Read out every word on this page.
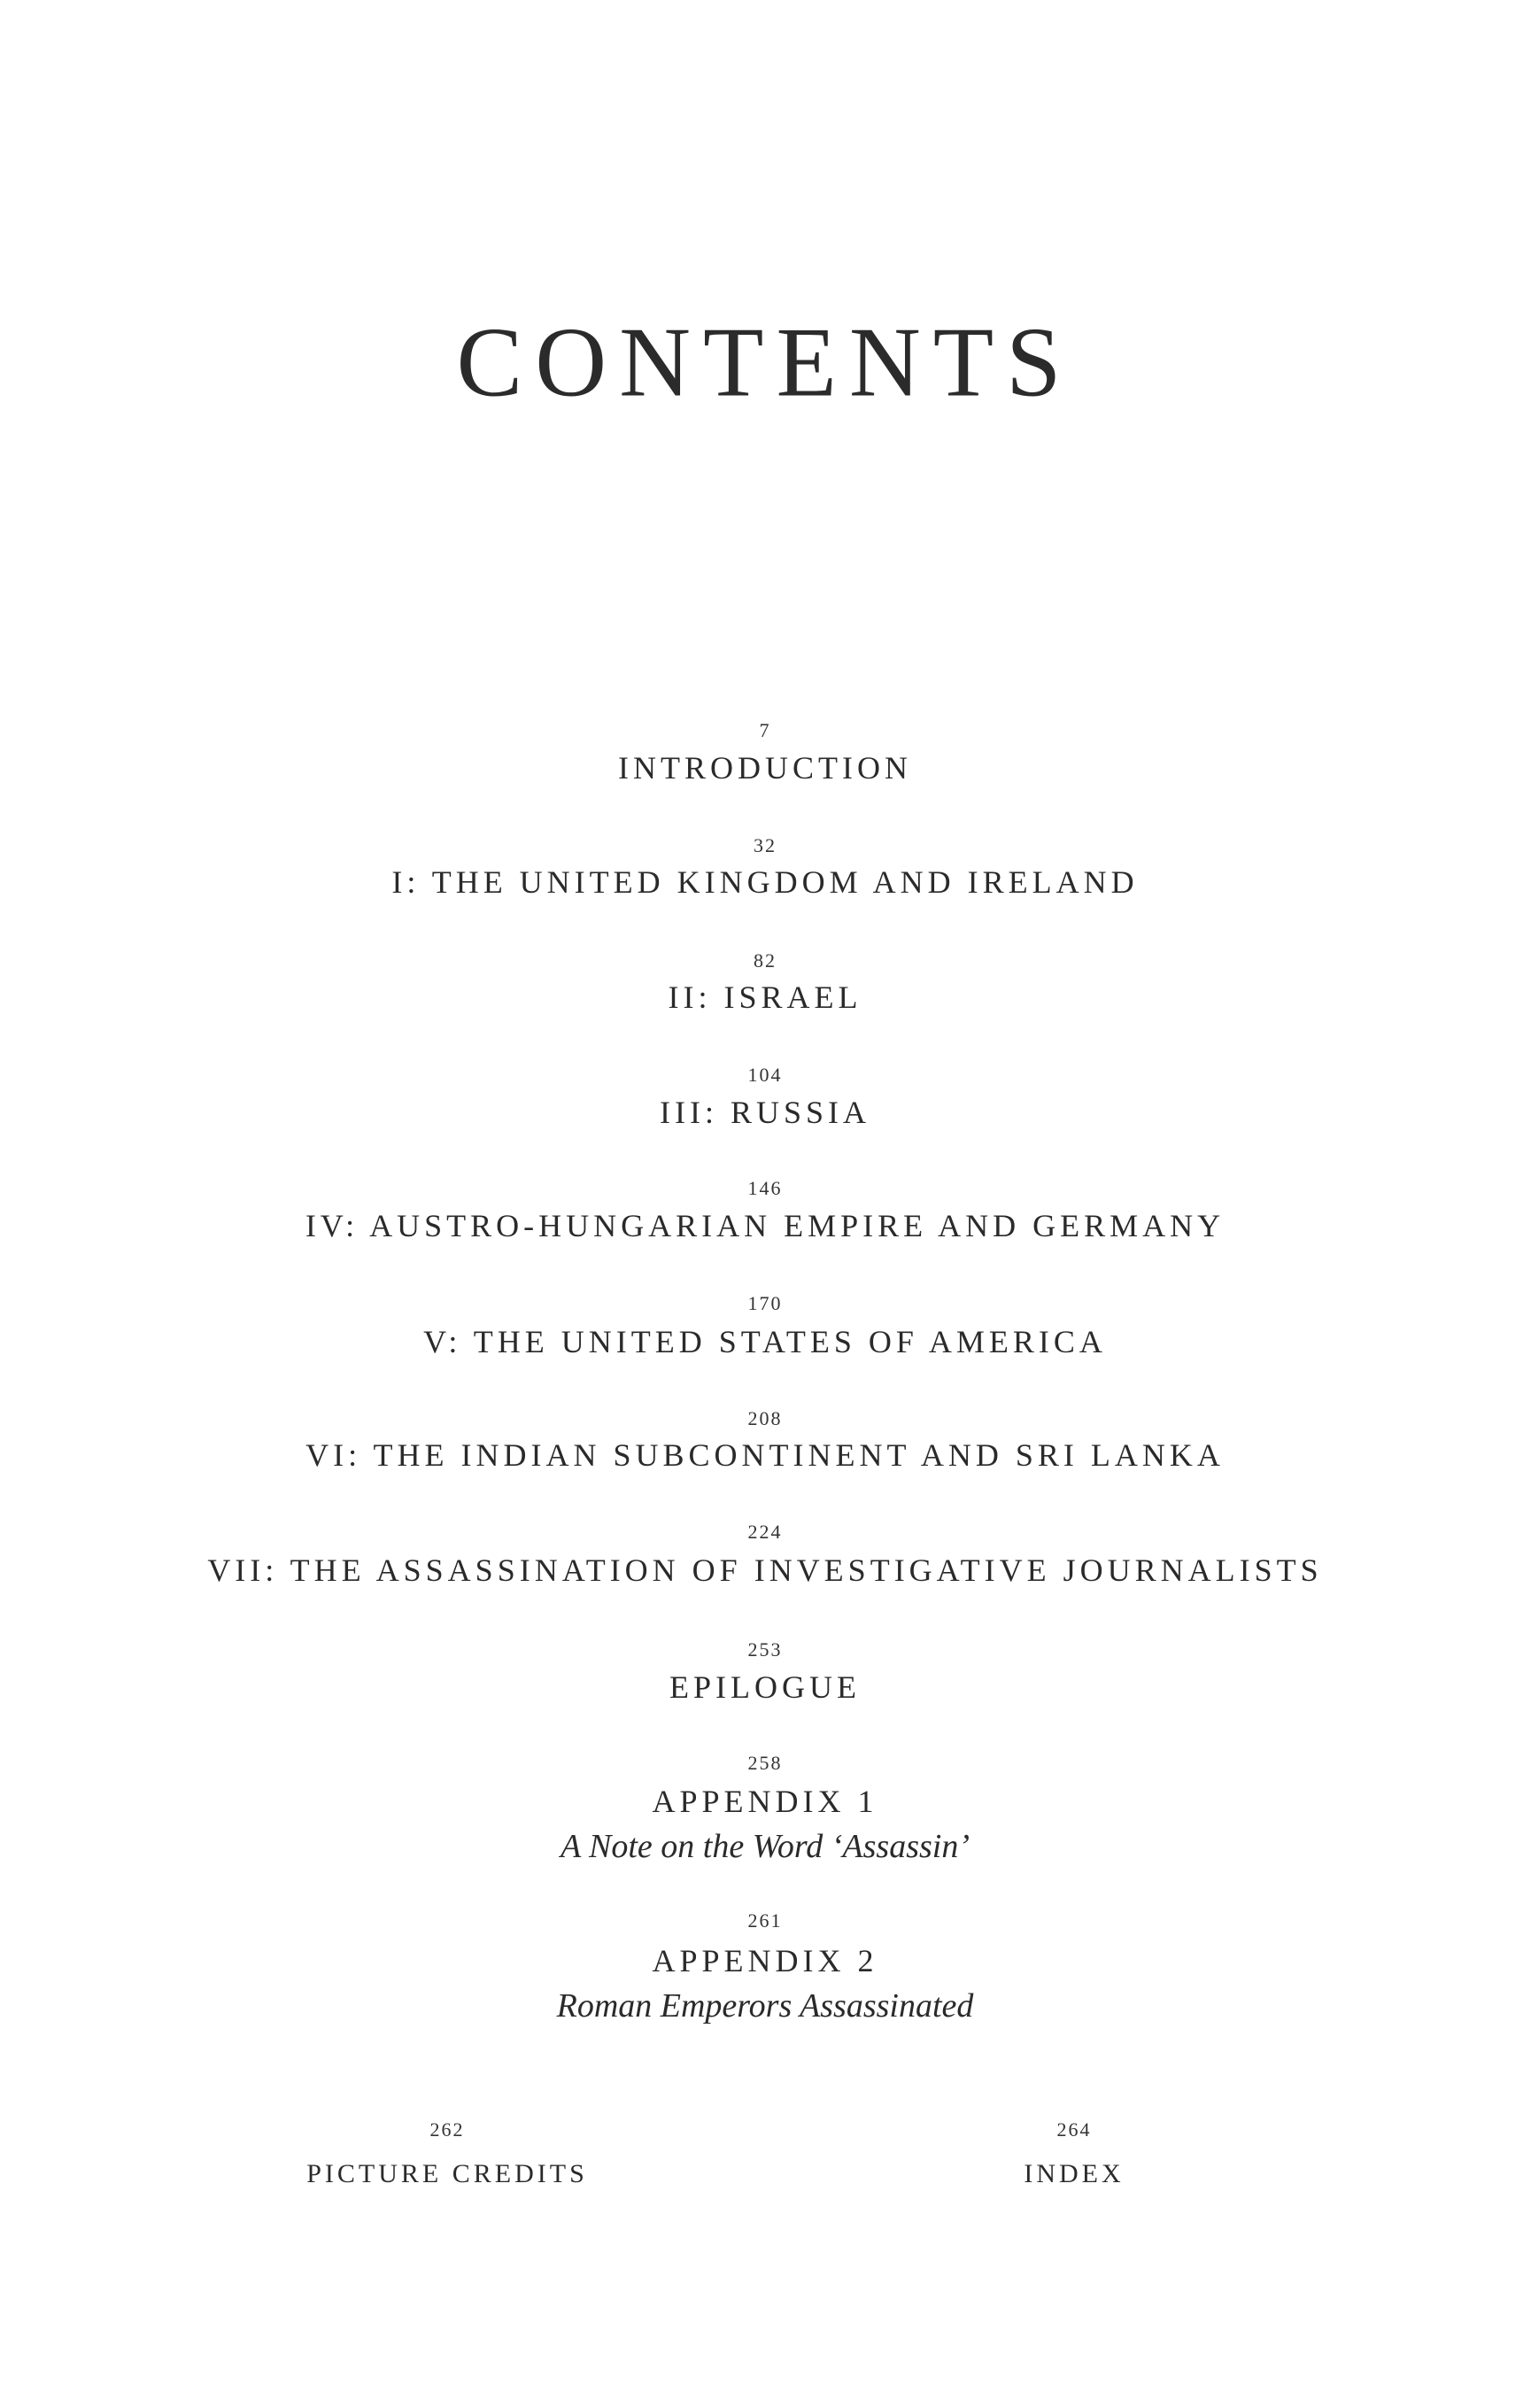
CONTENTS
7
INTRODUCTION
32
I: THE UNITED KINGDOM AND IRELAND
82
II: ISRAEL
104
III: RUSSIA
146
IV: AUSTRO-HUNGARIAN EMPIRE AND GERMANY
170
V: THE UNITED STATES OF AMERICA
208
VI: THE INDIAN SUBCONTINENT AND SRI LANKA
224
VII: THE ASSASSINATION OF INVESTIGATIVE JOURNALISTS
253
EPILOGUE
258
APPENDIX 1
A Note on the Word ‘Assassin’
261
APPENDIX 2
Roman Emperors Assassinated
262
PICTURE CREDITS
264
INDEX
